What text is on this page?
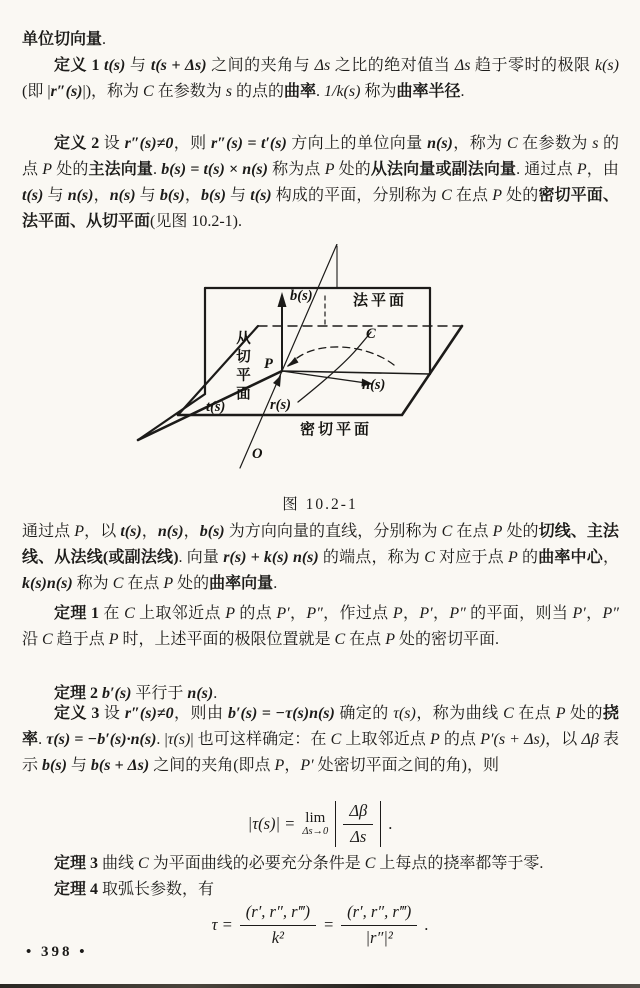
单位切向量.

定义 1 t(s) 与 t(s + Δs) 之间的夹角与 Δs 之比的绝对值当 Δs 趋于零时的极限 k(s)(即 |r″(s)|)，称为 C 在参数为 s 的点的曲率. 1/k(s) 称为曲率半径.

定义 2 设 r″(s)≠0，则 r″(s) = t′(s) 方向上的单位向量 n(s)，称为 C 在参数为 s 的点 P 处的主法向量. b(s) = t(s) × n(s) 称为点 P 处的从法向量或副法向量. 通过点 P，由 t(s) 与 n(s)，n(s) 与 b(s)，b(s) 与 t(s) 构成的平面，分别称为 C 在点 P 处的密切平面、法平面、从切平面(见图 10.2-1).

b(s)	法平面
C
n(s)
从切平面
t(s)	r(s)
P
O
密切平面
图 10.2-1

通过点 P，以 t(s)，n(s)，b(s) 为方向向量的直线，分别称为 C 在点 P 处的切线、主法线、从法线(或副法线). 向量 r(s) + k(s) n(s) 的端点，称为 C 对应于点 P 的曲率中心，k(s)n(s) 称为 C 在点 P 处的曲率向量.

定理 1 在 C 上取邻近点 P 的点 P′，P″，作过点 P，P′，P″ 的平面，则当 P′，P″ 沿 C 趋于点 P 时，上述平面的极限位置就是 C 在点 P 处的密切平面.

定理 2 b′(s) 平行于 n(s).

定义 3 设 r″(s)≠0，则由 b′(s) = −τ(s)n(s) 确定的 τ(s)，称为曲线 C 在点 P 处的挠率. τ(s) = −b′(s)·n(s). |τ(s)| 也可这样确定：在 C 上取邻近点 P 的点 P′(s + Δs)，以 Δβ 表示 b(s) 与 b(s + Δs) 之间的夹角(即点 P，P′ 处密切平面之间的角)，则

|τ(s)| = lim
$\Delta s\to 0 \frac{\Delta\beta}{\Delta s}$ .

定理 3 曲线 C 为平面曲线的必要充分条件是 C 上每点的挠率都等于零.

定理 4 取弧长参数，有

$\tau = \frac{(r', r'', r‴)}{\text{k²}} = \frac{(r', r'', r‴)}{\text{|r″|²}}$ .
• 398 •
